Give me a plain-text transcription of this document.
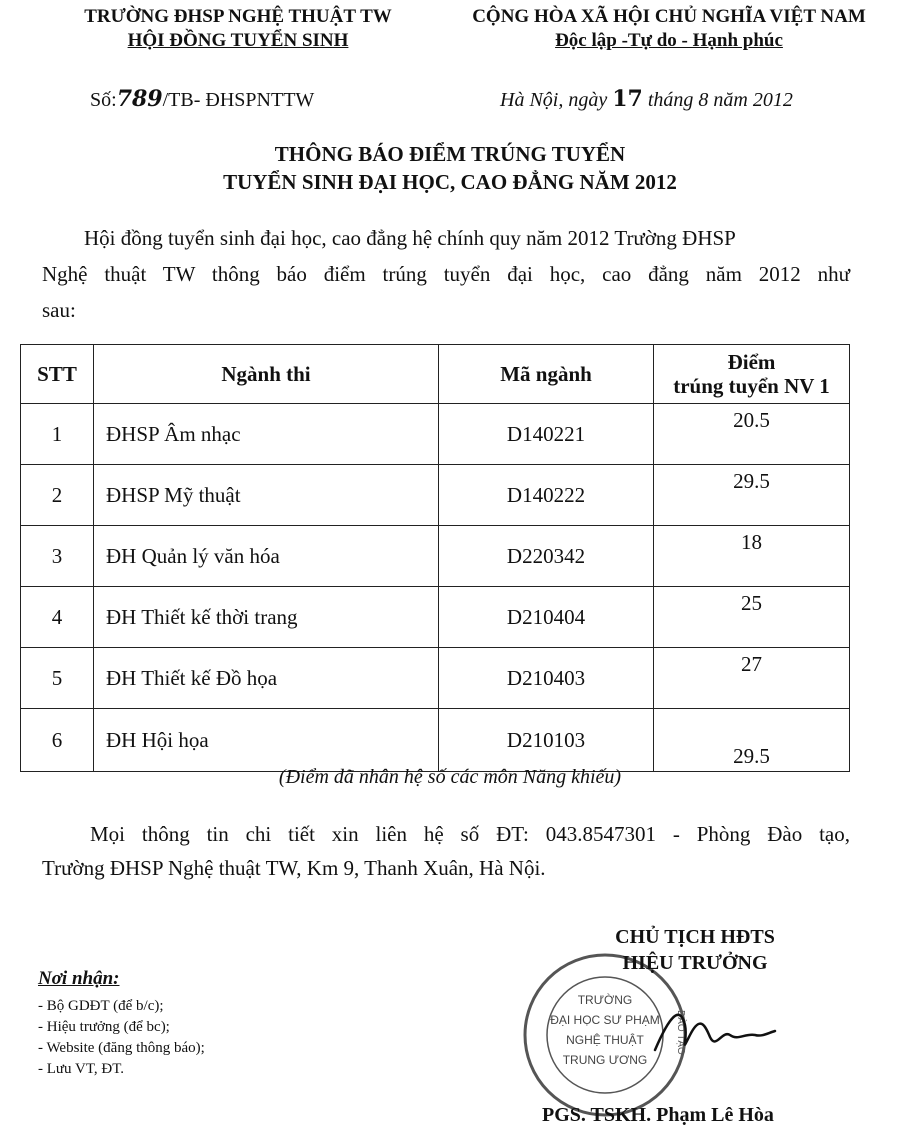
TRƯỜNG ĐHSP NGHỆ THUẬT TW
HỘI ĐỒNG TUYỂN SINH
CỘNG HÒA XÃ HỘI CHỦ NGHĨA VIỆT NAM
Độc lập -Tự do - Hạnh phúc
Số:789/TB- ĐHSPNTTW	Hà Nội, ngày 17 tháng 8 năm 2012
THÔNG BÁO ĐIỂM TRÚNG TUYỂN
TUYỂN SINH ĐẠI HỌC, CAO ĐẲNG NĂM 2012
Hội đồng tuyển sinh đại học, cao đẳng hệ chính quy năm 2012 Trường ĐHSP
Nghệ thuật TW thông báo điểm trúng tuyển đại học, cao đẳng năm 2012 như
sau:
STT	Ngành thi	Mã ngành	Điểm
trúng tuyển NV 1

1	ĐHSP Âm nhạc	D140221	20.5
2	ĐHSP Mỹ thuật	D140222	29.5
3	ĐH Quản lý văn hóa	D220342	18
4	ĐH Thiết kế thời trang	D210404	25
5	ĐH Thiết kế Đồ họa	D210403	27
6	ĐH Hội họa	D210103	29.5
(Điểm đã nhân hệ số các môn Năng khiếu)
Mọi thông tin chi tiết xin liên hệ số ĐT: 043.8547301 - Phòng Đào tạo,
Trường ĐHSP Nghệ thuật TW, Km 9, Thanh Xuân, Hà Nội.
Nơi nhận:
- Bộ GDĐT (để b/c);
- Hiệu trưởng (để bc);
- Website (đăng thông báo);
- Lưu VT, ĐT.
ĐÀO TẠO
TRƯỜNG
ĐẠI HỌC SƯ PHẠM
NGHỆ THUẬT
TRUNG ƯƠNG
CHỦ TỊCH HĐTS
HIỆU TRƯỞNG
PGS. TSKH. Phạm Lê Hòa
